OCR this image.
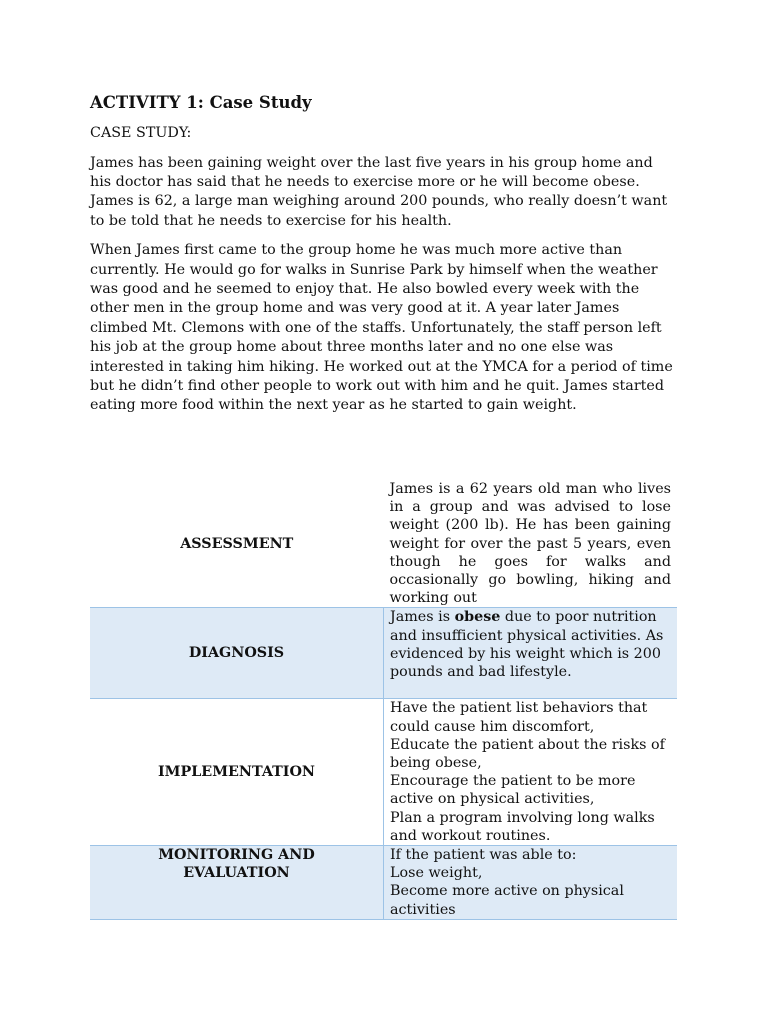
ACTIVITY 1: Case Study
CASE STUDY:

James has been gaining weight over the last five years in his group home and his doctor has said that he needs to exercise more or he will become obese. James is 62, a large man weighing around 200 pounds, who really doesn’t want to be told that he needs to exercise for his health.

When James first came to the group home he was much more active than currently. He would go for walks in Sunrise Park by himself when the weather was good and he seemed to enjoy that. He also bowled every week with the other men in the group home and was very good at it. A year later James climbed Mt. Clemons with one of the staffs. Unfortunately, the staff person left his job at the group home about three months later and no one else was interested in taking him hiking. He worked out at the YMCA for a period of time but he didn’t find other people to work out with him and he quit. James started eating more food within the next year as he started to gain weight.

ASSESSMENT	James is a 62 years old man who lives in a group and was advised to lose weight (200 lb). He has been gaining weight for over the past 5 years, even though he goes for walks and occasionally go bowling, hiking and working out
DIAGNOSIS	James is obese due to poor nutrition and insufficient physical activities. As evidenced by his weight which is 200 pounds and bad lifestyle.
IMPLEMENTATION	Have the patient list behaviors that could cause him discomfort,
Educate the patient about the risks of being obese,
Encourage the patient to be more active on physical activities,
Plan a program involving long walks and workout routines.

MONITORING AND
EVALUATION	If the patient was able to:
Lose weight,
Become more active on physical activities
